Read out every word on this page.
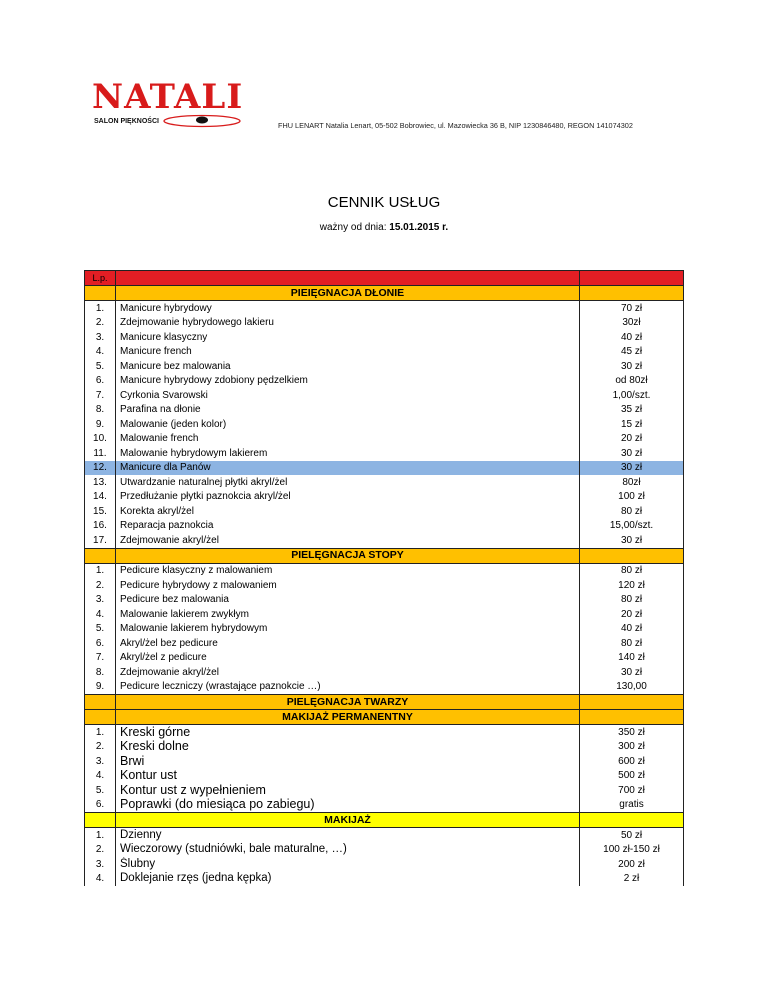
NATALI
SALON PIĘKNOŚCI	FHU LENART Natalia Lenart, 05-502 Bobrowiec, ul. Mazowiecka 36 B, NIP 1230846480, REGON 141074302
CENNIK USŁUG
ważny od dnia: 15.01.2015 r.
L.p.		
	PIEIĘGNACJA DŁONIE	
1.	Manicure hybrydowy	70 zł
2.	Zdejmowanie hybrydowego lakieru	30zł
3.	Manicure klasyczny	40 zł
4.	Manicure french	45 zł
5.	Manicure bez malowania	30 zł
6.	Manicure hybrydowy zdobiony pędzelkiem	od 80zł
7.	Cyrkonia Svarowski	1,00/szt.
8.	Parafina na dłonie	35 zł
9.	Malowanie (jeden kolor)	15 zł
10.	Malowanie french	20 zł
11.	Malowanie hybrydowym lakierem	30 zł
12.	Manicure dla Panów	30 zł
13.	Utwardzanie naturalnej płytki akryl/żel	80zł
14.	Przedłużanie płytki paznokcia akryl/żel	100 zł
15.	Korekta akryl/żel	80 zł
16.	Reparacja paznokcia	15,00/szt.
17.	Zdejmowanie akryl/żel	30 zł
	PIELĘGNACJA STOPY	
1.	Pedicure klasyczny z malowaniem	80 zł
2.	Pedicure hybrydowy z malowaniem	120 zł
3.	Pedicure bez malowania	80 zł
4.	Malowanie lakierem zwykłym	20 zł
5.	Malowanie lakierem hybrydowym	40 zł
6.	Akryl/żel bez pedicure	80 zł
7.	Akryl/żel z pedicure	140 zł
8.	Zdejmowanie akryl/żel	30 zł
9.	Pedicure leczniczy (wrastające paznokcie …)	130,00
	PIELĘGNACJA TWARZY	
	MAKIJAŻ PERMANENTNY	
1.	Kreski górne	350 zł
2.	Kreski dolne	300 zł
3.	Brwi	600 zł
4.	Kontur ust	500 zł
5.	Kontur ust z wypełnieniem	700 zł
6.	Poprawki (do miesiąca po zabiegu)	gratis
	MAKIJAŻ	
1.	Dzienny	50 zł
2.	Wieczorowy (studniówki, bale maturalne, …)	100 zł-150 zł
3.	Ślubny	200 zł
4.	Doklejanie rzęs (jedna kępka)	2 zł
